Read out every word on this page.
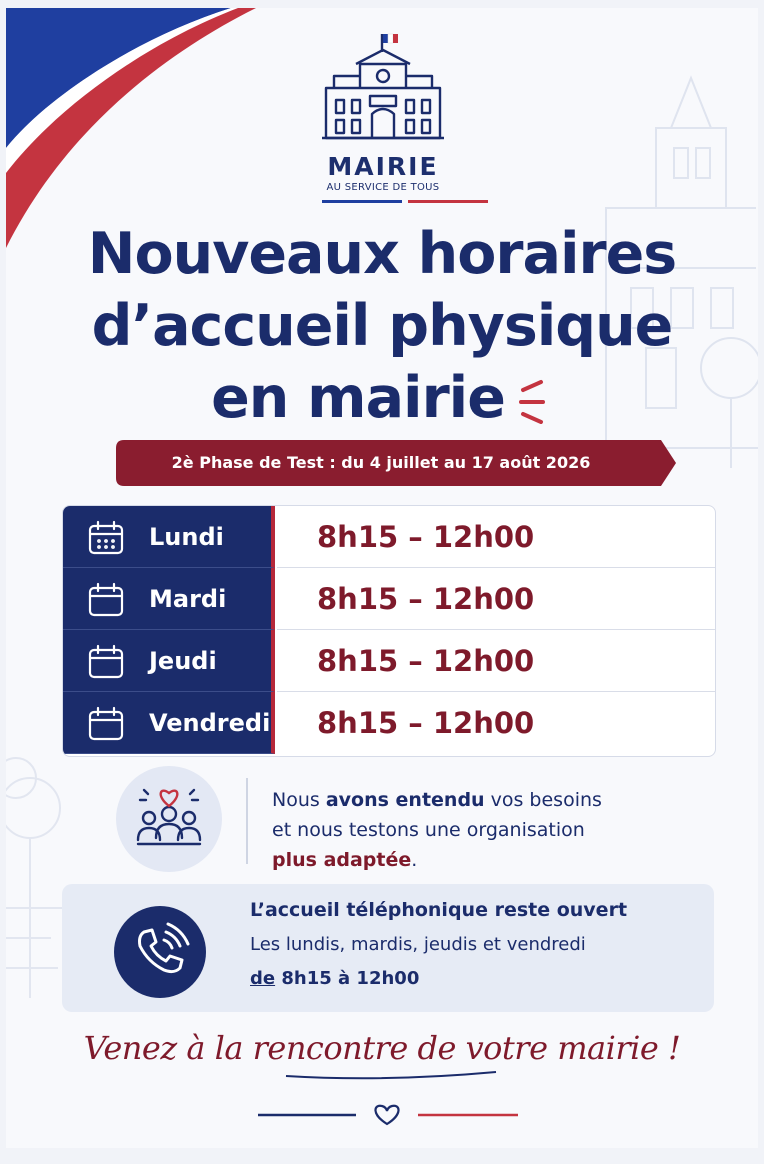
MAIRIE
AU SERVICE DE TOUS
Nouveaux horaires
d’accueil physique
en mairie
2è Phase de Test : du 4 juillet au 17 août 2026
Lundi	8h15 – 12h00
Mardi	8h15 – 12h00
Jeudi	8h15 – 12h00
Vendredi 8h15 – 12h00
Nous avons entendu vos besoins
et nous testons une organisation
plus adaptée.
L’accueil téléphonique reste ouvert
Les lundis, mardis, jeudis et vendredi
de 8h15 à 12h00
Venez à la rencontre de votre mairie !
